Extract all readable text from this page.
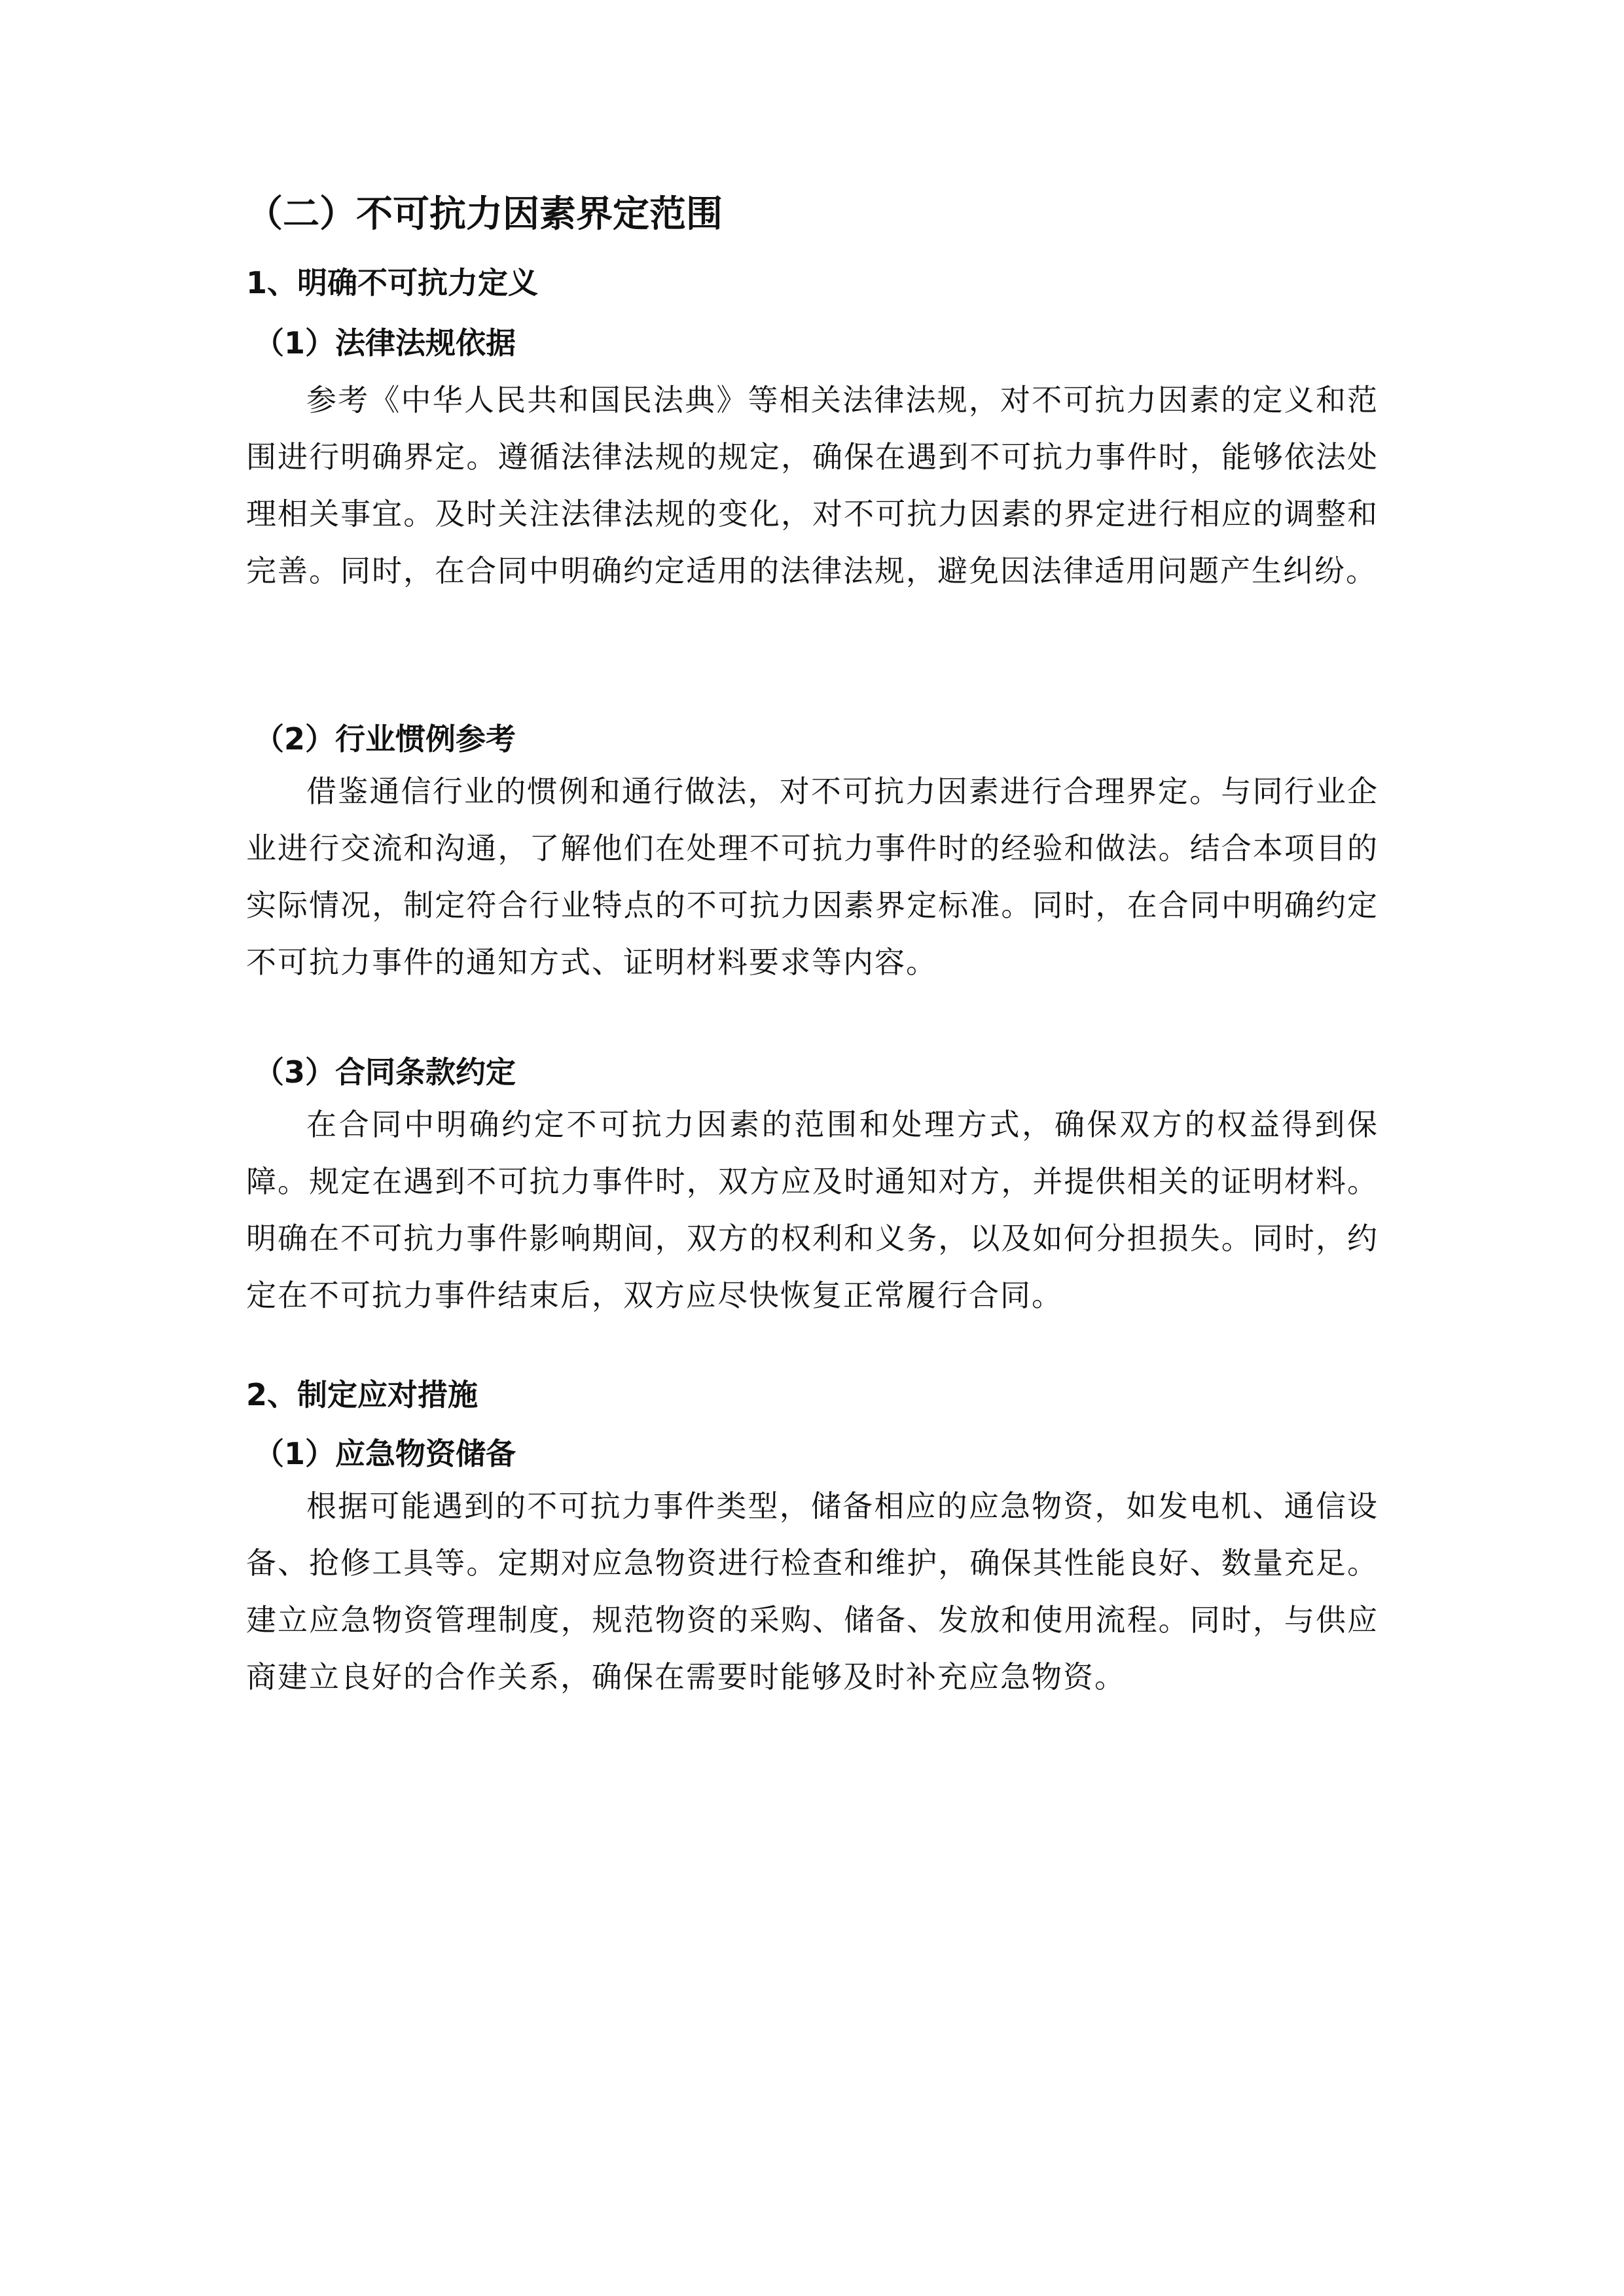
（二）不可抗力因素界定范围
1、明确不可抗力定义
（1）法律法规依据

参考《中华人民共和国民法典》等相关法律法规，对不可抗力因素的定义和范围进行明确界定。遵循法律法规的规定，确保在遇到不可抗力事件时，能够依法处理相关事宜。及时关注法律法规的变化，对不可抗力因素的界定进行相应的调整和完善。同时，在合同中明确约定适用的法律法规，避免因法律适用问题产生纠纷。

（2）行业惯例参考

借鉴通信行业的惯例和通行做法，对不可抗力因素进行合理界定。与同行业企业进行交流和沟通，了解他们在处理不可抗力事件时的经验和做法。结合本项目的实际情况，制定符合行业特点的不可抗力因素界定标准。同时，在合同中明确约定不可抗力事件的通知方式、证明材料要求等内容。

（3）合同条款约定

在合同中明确约定不可抗力因素的范围和处理方式，确保双方的权益得到保障。规定在遇到不可抗力事件时，双方应及时通知对方，并提供相关的证明材料。明确在不可抗力事件影响期间，双方的权利和义务，以及如何分担损失。同时，约定在不可抗力事件结束后，双方应尽快恢复正常履行合同。

2、制定应对措施
（1）应急物资储备

根据可能遇到的不可抗力事件类型，储备相应的应急物资，如发电机、通信设备、抢修工具等。定期对应急物资进行检查和维护，确保其性能良好、数量充足。建立应急物资管理制度，规范物资的采购、储备、发放和使用流程。同时，与供应商建立良好的合作关系，确保在需要时能够及时补充应急物资。
